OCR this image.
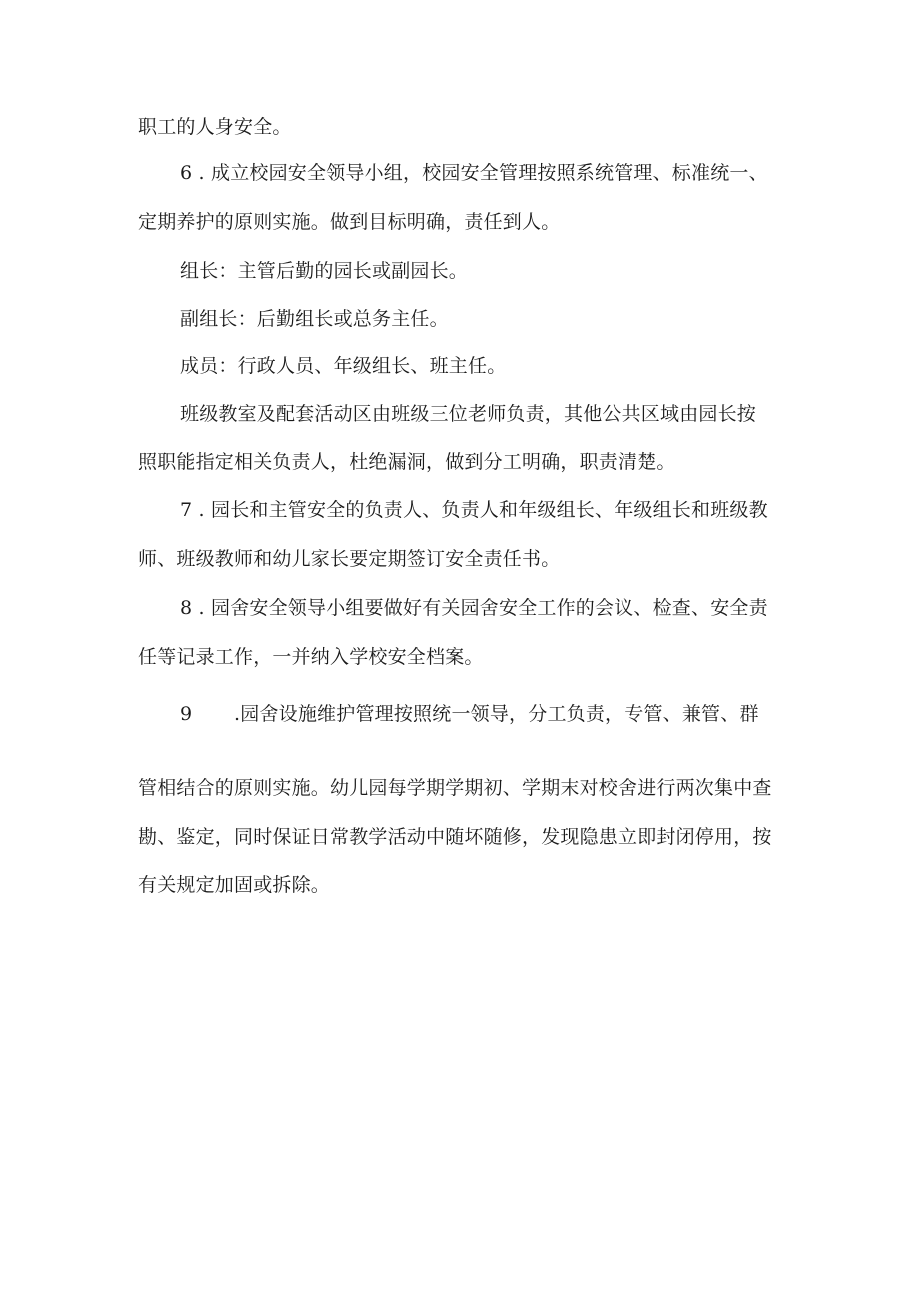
职工的人身安全。
6 . 成立校园安全领导小组，校园安全管理按照系统管理、标准统一、
定期养护的原则实施。做到目标明确，责任到人。
组长：主管后勤的园长或副园长。
副组长：后勤组长或总务主任。
成员：行政人员、年级组长、班主任。
班级教室及配套活动区由班级三位老师负责，其他公共区域由园长按
照职能指定相关负责人，杜绝漏洞，做到分工明确，职责清楚。
7 . 园长和主管安全的负责人、负责人和年级组长、年级组长和班级教
师、班级教师和幼儿家长要定期签订安全责任书。
8 . 园舍安全领导小组要做好有关园舍安全工作的会议、检查、安全责
任等记录工作，一并纳入学校安全档案。
9 .园舍设施维护管理按照统一领导，分工负责，专管、兼管、群
管相结合的原则实施。幼儿园每学期学期初、学期末对校舍进行两次集中查
勘、鉴定，同时保证日常教学活动中随坏随修，发现隐患立即封闭停用，按
有关规定加固或拆除。
